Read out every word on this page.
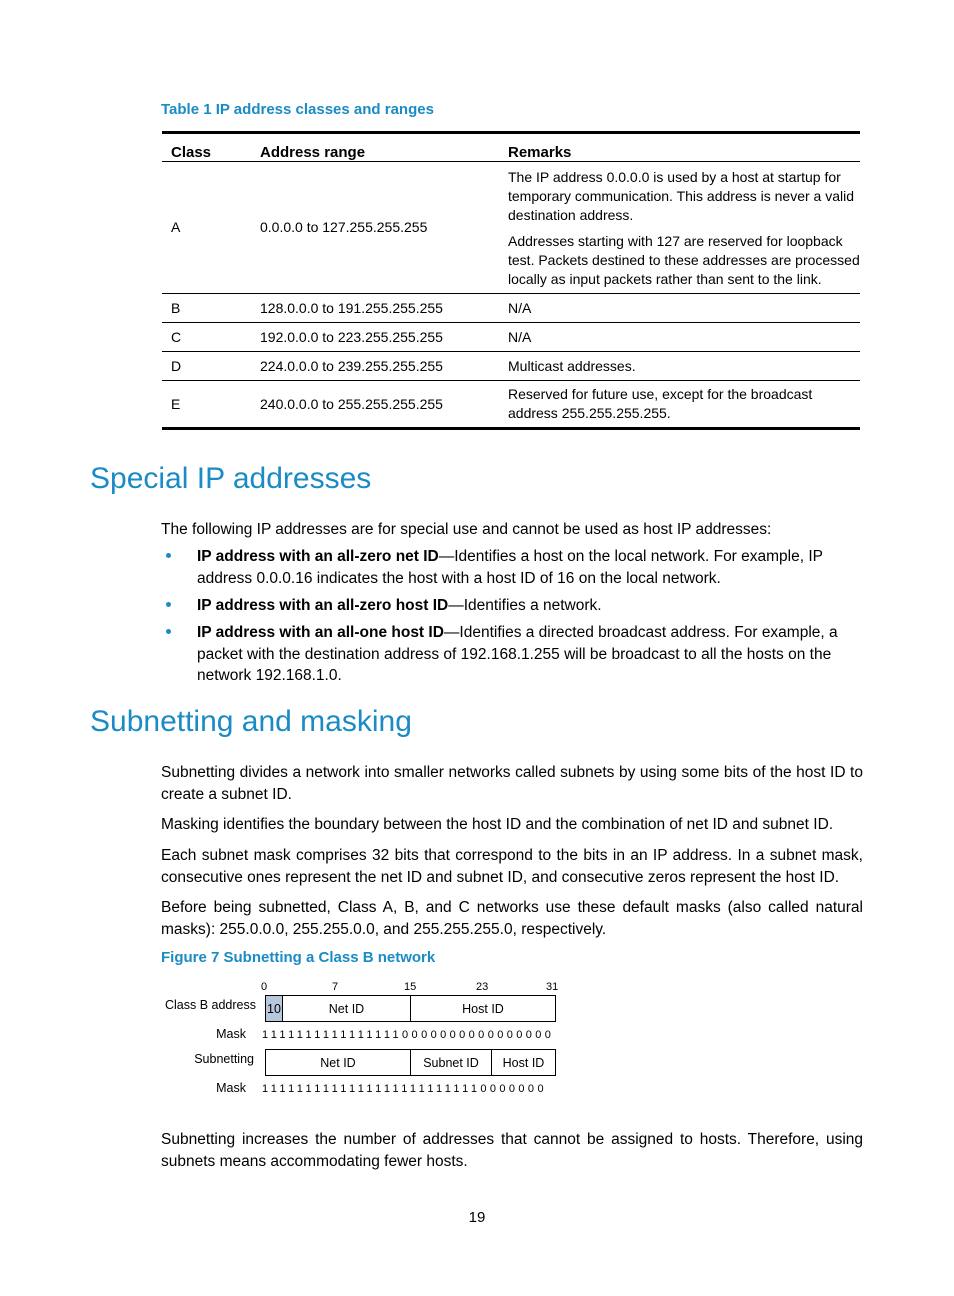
Table 1 IP address classes and ranges
Class	Address range	Remarks
A	0.0.0.0 to 127.255.255.255	The IP address 0.0.0.0 is used by a host at startup for temporary communication. This address is never a valid destination address.

Addresses starting with 127 are reserved for loopback test. Packets destined to these addresses are processed locally as input packets rather than sent to the link.

B	128.0.0.0 to 191.255.255.255	N/A
C	192.0.0.0 to 223.255.255.255	N/A
D	224.0.0.0 to 239.255.255.255	Multicast addresses.
E	240.0.0.0 to 255.255.255.255	Reserved for future use, except for the broadcast address 255.255.255.255.
Special IP addresses

The following IP addresses are for special use and cannot be used as host IP addresses:

IP address with an all-zero net ID—Identifies a host on the local network. For example, IP address 0.0.0.16 indicates the host with a host ID of 16 on the local network.
IP address with an all-zero host ID—Identifies a network.
IP address with an all-one host ID—Identifies a directed broadcast address. For example, a packet with the destination address of 192.168.1.255 will be broadcast to all the hosts on the network 192.168.1.0.
Subnetting and masking

Subnetting divides a network into smaller networks called subnets by using some bits of the host ID to create a subnet ID.

Masking identifies the boundary between the host ID and the combination of net ID and subnet ID.

Each subnet mask comprises 32 bits that correspond to the bits in an IP address. In a subnet mask, consecutive ones represent the net ID and subnet ID, and consecutive zeros represent the host ID.

Before being subnetted, Class A, B, and C networks use these default masks (also called natural masks): 255.0.0.0, 255.255.0.0, and 255.255.255.0, respectively.

Figure 7 Subnetting a Class B network
0	7	15	23	31
Class B address
Mask
Subnetting
Mask
10	Net ID	Host ID
11111111111111110000000000000000
Net ID	Subnet ID Host ID
11111111111111111111111110000000

Subnetting increases the number of addresses that cannot be assigned to hosts. Therefore, using subnets means accommodating fewer hosts.

19
